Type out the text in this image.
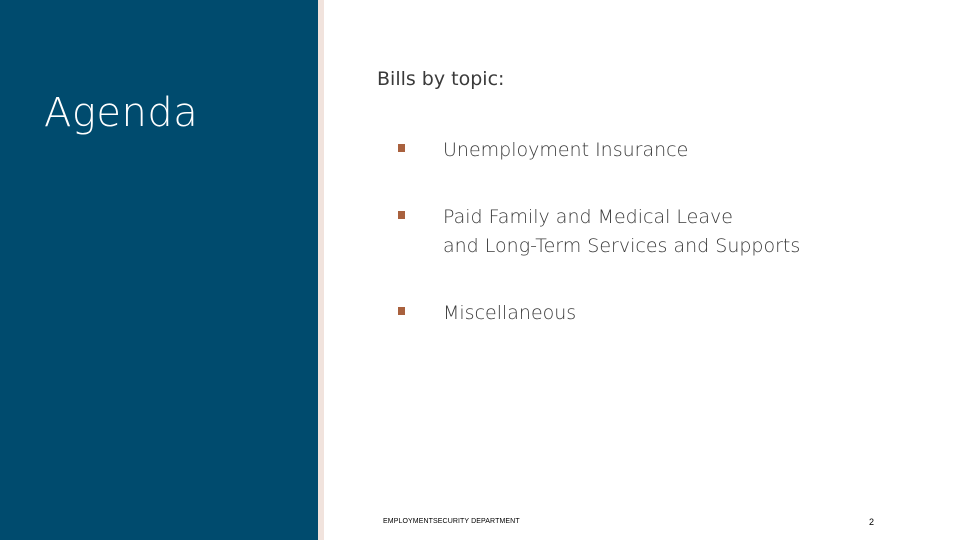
Agenda

Bills by topic:

Unemployment Insurance
Paid Family and Medical Leave
and Long-Term Services and Supports
Miscellaneous
EMPLOYMENTSECURITY DEPARTMENT	2
